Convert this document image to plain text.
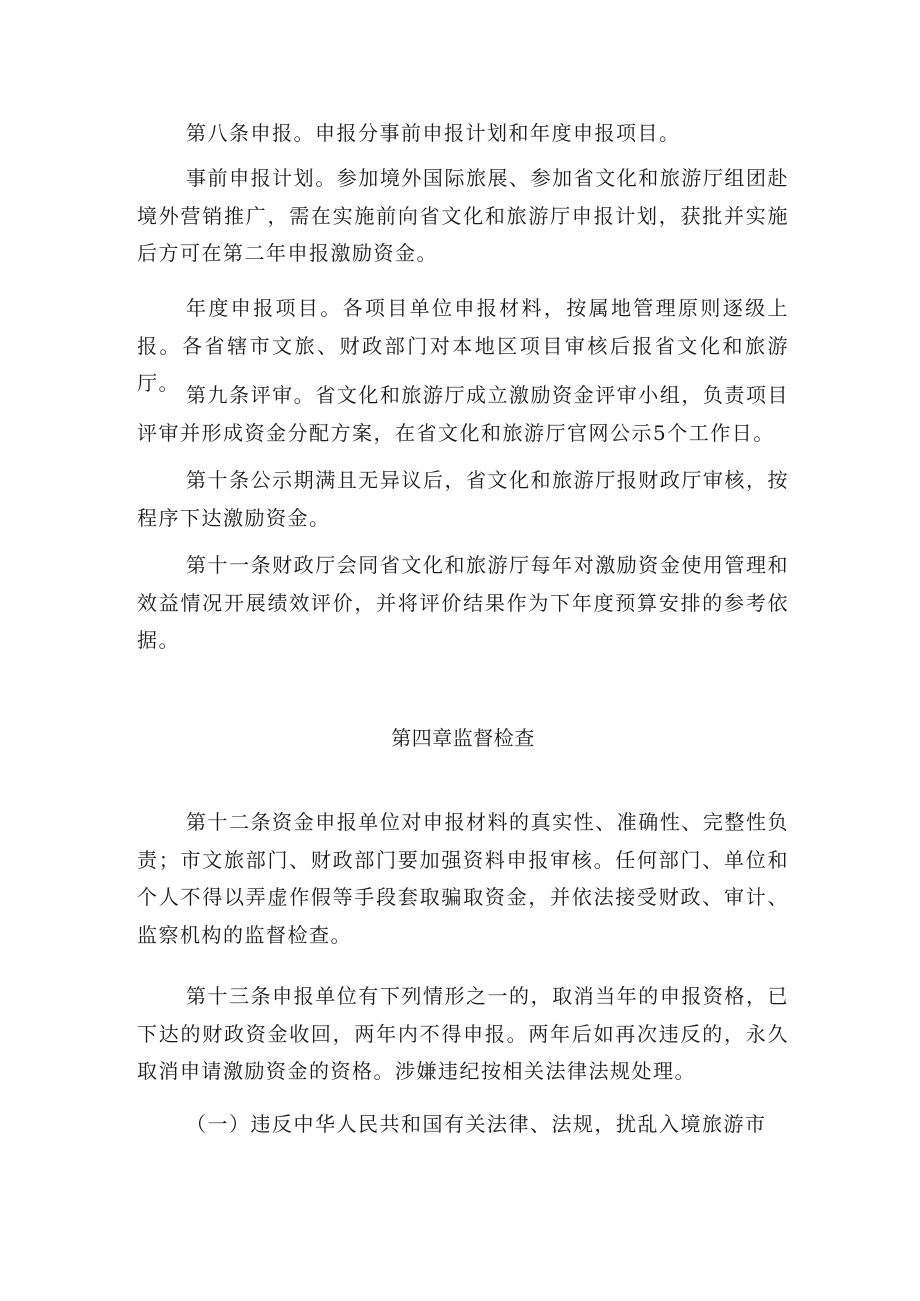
第八条申报。申报分事前申报计划和年度申报项目。

事前申报计划。参加境外国际旅展、参加省文化和旅游厅组团赴境外营销推广，需在实施前向省文化和旅游厅申报计划，获批并实施后方可在第二年申报激励资金。

年度申报项目。各项目单位申报材料，按属地管理原则逐级上报。各省辖市文旅、财政部门对本地区项目审核后报省文化和旅游厅。 第九条评审。省文化和旅游厅成立激励资金评审小组，负责项目评审并形成资金分配方案，在省文化和旅游厅官网公示5个工作日。

第十条公示期满且无异议后，省文化和旅游厅报财政厅审核，按程序下达激励资金。

第十一条财政厅会同省文化和旅游厅每年对激励资金使用管理和效益情况开展绩效评价，并将评价结果作为下年度预算安排的参考依据。

第四章监督检查

第十二条资金申报单位对申报材料的真实性、准确性、完整性负责；市文旅部门、财政部门要加强资料申报审核。任何部门、单位和个人不得以弄虚作假等手段套取骗取资金，并依法接受财政、审计、监察机构的监督检查。

第十三条申报单位有下列情形之一的，取消当年的申报资格，已下达的财政资金收回，两年内不得申报。两年后如再次违反的，永久取消申请激励资金的资格。涉嫌违纪按相关法律法规处理。

（一）违反中华人民共和国有关法律、法规，扰乱入境旅游市
